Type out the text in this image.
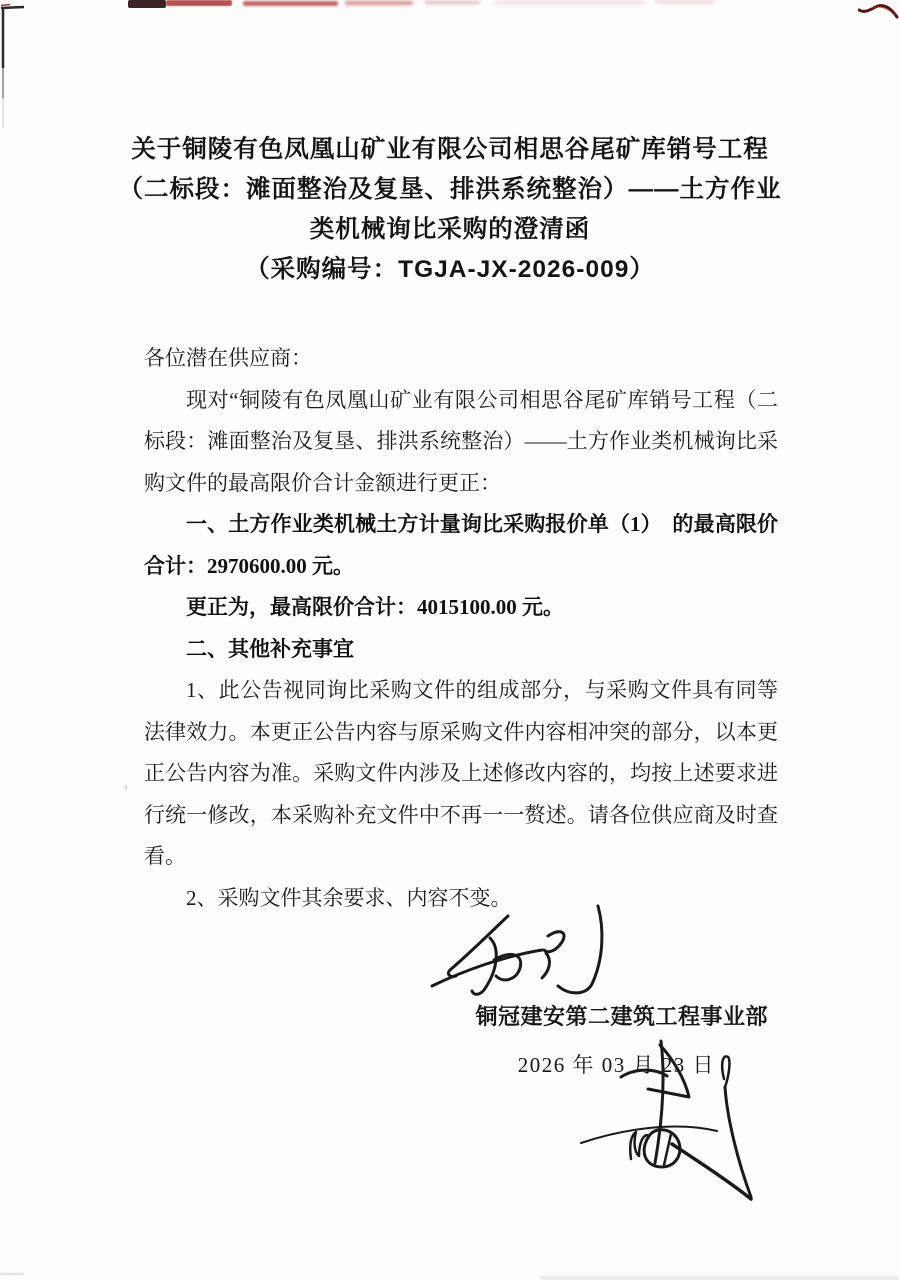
关于铜陵有色凤凰山矿业有限公司相思谷尾矿库销号工程
（二标段：滩面整治及复垦、排洪系统整治）——土方作业
类机械询比采购的澄清函
（采购编号：TGJA-JX-2026-009）

各位潜在供应商：

现对“铜陵有色凤凰山矿业有限公司相思谷尾矿库销号工程（二标段：滩面整治及复垦、排洪系统整治）——土方作业类机械询比采购文件的最高限价合计金额进行更正：

一、土方作业类机械土方计量询比采购报价单（1）　的最高限价合计：2970600.00 元。

更正为，最高限价合计：4015100.00 元。

二、其他补充事宜

1、此公告视同询比采购文件的组成部分，与采购文件具有同等法律效力。本更正公告内容与原采购文件内容相冲突的部分，以本更正公告内容为准。采购文件内涉及上述修改内容的，均按上述要求进行统一修改，本采购补充文件中不再一一赘述。请各位供应商及时查看。

2、采购文件其余要求、内容不变。

›
铜冠建安第二建筑工程事业部
2026 年 03 月 23 日
